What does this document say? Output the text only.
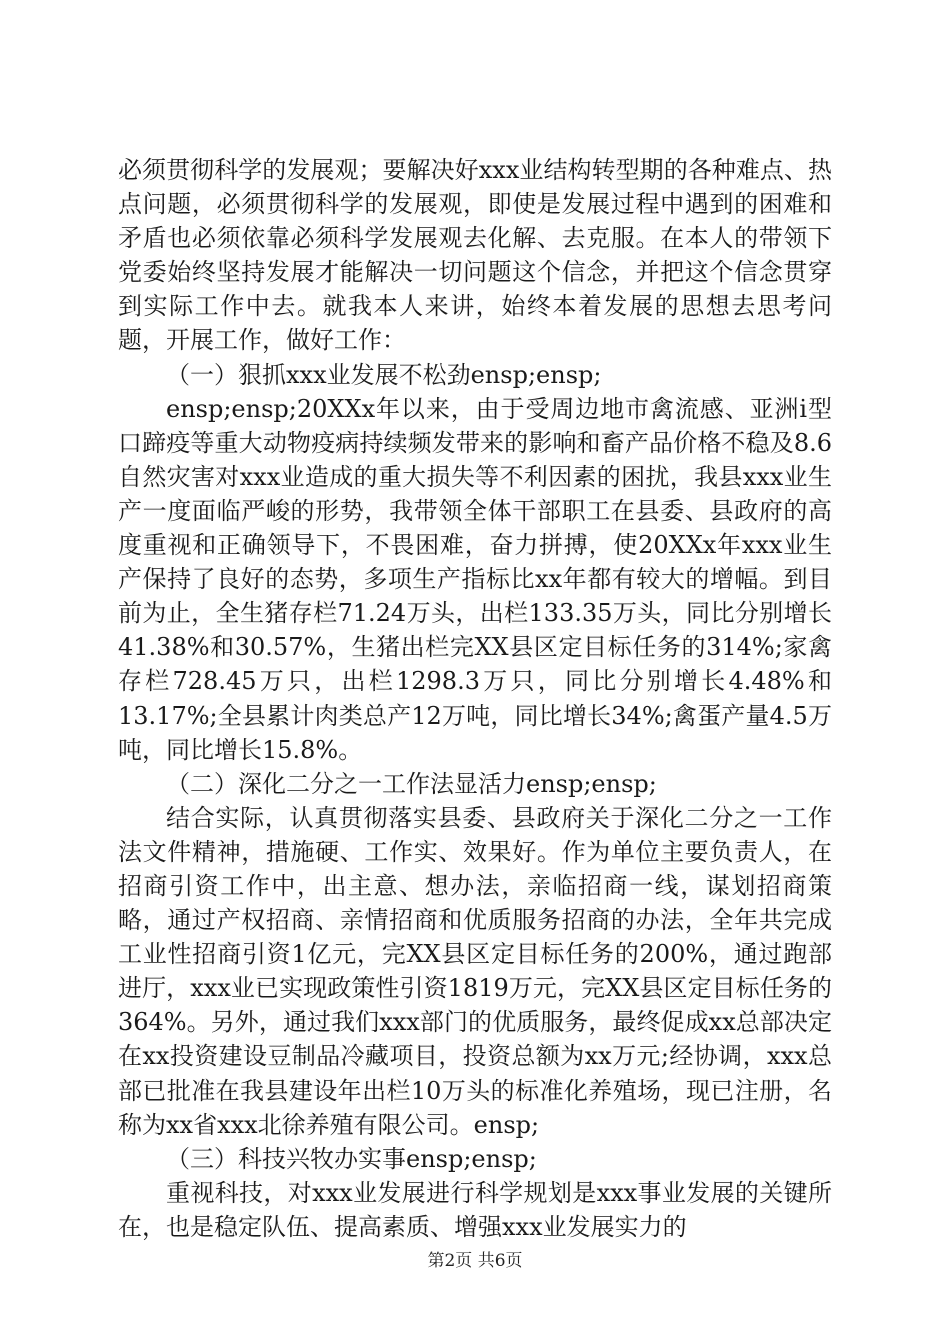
必须贯彻科学的发展观；要解决好xxx业结构转型期的各种难点、热点问题，必须贯彻科学的发展观，即使是发展过程中遇到的困难和矛盾也必须依靠必须科学发展观去化解、去克服。在本人的带领下党委始终坚持发展才能解决一切问题这个信念，并把这个信念贯穿到实际工作中去。就我本人来讲，始终本着发展的思想去思考问题，开展工作，做好工作：

（一）狠抓xxx业发展不松劲ensp;ensp;

ensp;ensp;20XXx年以来，由于受周边地市禽流感、亚洲i型口蹄疫等重大动物疫病持续频发带来的影响和畜产品价格不稳及8.6自然灾害对xxx业造成的重大损失等不利因素的困扰，我县xxx业生产一度面临严峻的形势，我带领全体干部职工在县委、县政府的高度重视和正确领导下，不畏困难，奋力拼搏，使20XXx年xxx业生产保持了良好的态势，多项生产指标比xx年都有较大的增幅。到目前为止，全生猪存栏71.24万头，出栏133.35万头，同比分别增长41.38%和30.57%，生猪出栏完XX县区定目标任务的314%;家禽存栏728.45万只，出栏1298.3万只，同比分别增长4.48%和13.17%;全县累计肉类总产12万吨，同比增长34%;禽蛋产量4.5万吨，同比增长15.8%。

（二）深化二分之一工作法显活力ensp;ensp;

结合实际，认真贯彻落实县委、县政府关于深化二分之一工作法文件精神，措施硬、工作实、效果好。作为单位主要负责人，在招商引资工作中，出主意、想办法，亲临招商一线，谋划招商策略，通过产权招商、亲情招商和优质服务招商的办法，全年共完成工业性招商引资1亿元，完XX县区定目标任务的200%，通过跑部进厅，xxx业已实现政策性引资1819万元，完XX县区定目标任务的364%。另外，通过我们xxx部门的优质服务，最终促成xx总部决定在xx投资建设豆制品冷藏项目，投资总额为xx万元;经协调，xxx总部已批准在我县建设年出栏10万头的标准化养殖场，现已注册，名称为xx省xxx北徐养殖有限公司。ensp;

（三）科技兴牧办实事ensp;ensp;

重视科技，对xxx业发展进行科学规划是xxx事业发展的关键所在，也是稳定队伍、提高素质、增强xxx业发展实力的

第2页 共6页
